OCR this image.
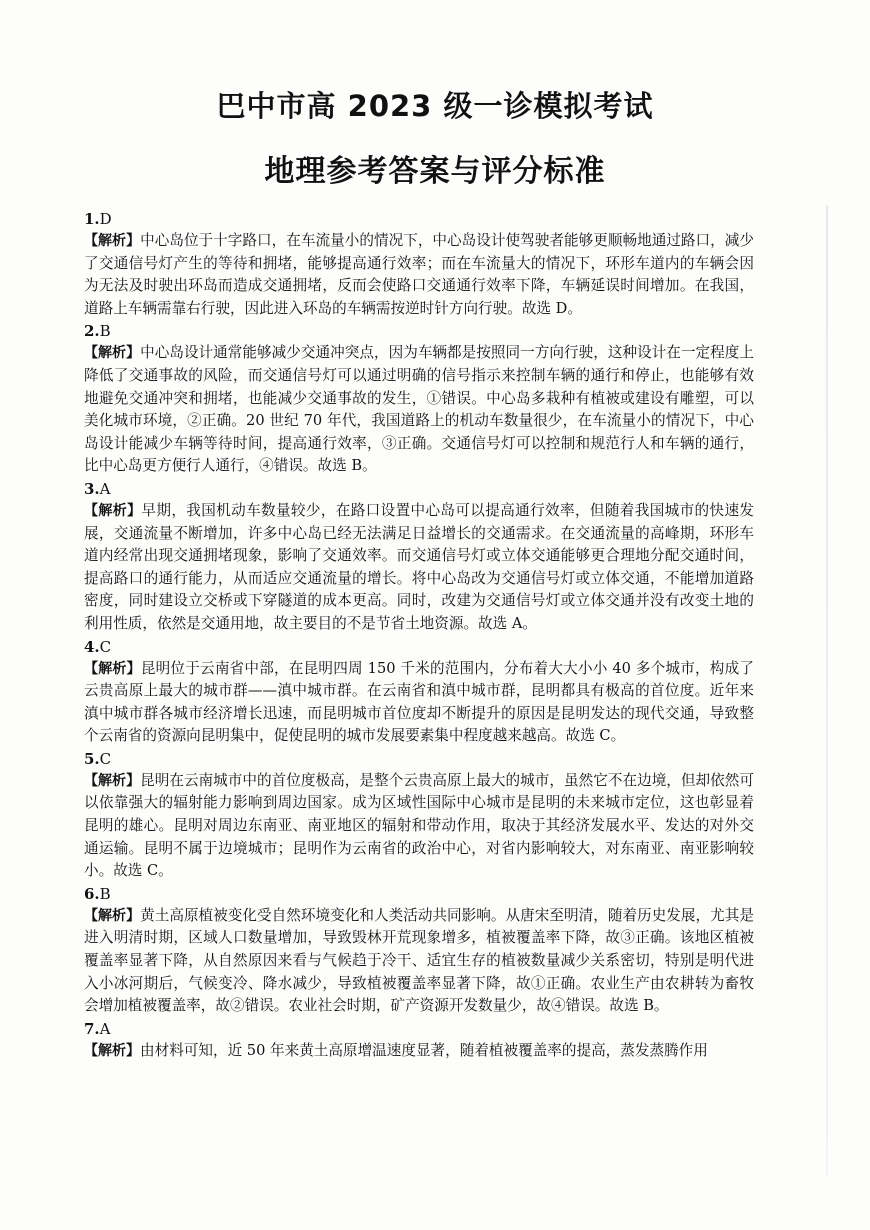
巴中市高 2023 级一诊模拟考试
地理参考答案与评分标准
1.D

【解析】中心岛位于十字路口，在车流量小的情况下，中心岛设计使驾驶者能够更顺畅地通过路口，减少了交通信号灯产生的等待和拥堵，能够提高通行效率；而在车流量大的情况下，环形车道内的车辆会因为无法及时驶出环岛而造成交通拥堵，反而会使路口交通通行效率下降，车辆延误时间增加。在我国，道路上车辆需靠右行驶，因此进入环岛的车辆需按逆时针方向行驶。故选 D。

2.B

【解析】中心岛设计通常能够减少交通冲突点，因为车辆都是按照同一方向行驶，这种设计在一定程度上降低了交通事故的风险，而交通信号灯可以通过明确的信号指示来控制车辆的通行和停止，也能够有效地避免交通冲突和拥堵，也能减少交通事故的发生，①错误。中心岛多栽种有植被或建设有雕塑，可以美化城市环境，②正确。20 世纪 70 年代，我国道路上的机动车数量很少，在车流量小的情况下，中心岛设计能减少车辆等待时间，提高通行效率，③正确。交通信号灯可以控制和规范行人和车辆的通行，比中心岛更方便行人通行，④错误。故选 B。

3.A

【解析】早期，我国机动车数量较少，在路口设置中心岛可以提高通行效率，但随着我国城市的快速发展，交通流量不断增加，许多中心岛已经无法满足日益增长的交通需求。在交通流量的高峰期，环形车道内经常出现交通拥堵现象，影响了交通效率。而交通信号灯或立体交通能够更合理地分配交通时间，提高路口的通行能力，从而适应交通流量的增长。将中心岛改为交通信号灯或立体交通，不能增加道路密度，同时建设立交桥或下穿隧道的成本更高。同时，改建为交通信号灯或立体交通并没有改变土地的利用性质，依然是交通用地，故主要目的不是节省土地资源。故选 A。

4.C

【解析】昆明位于云南省中部，在昆明四周 150 千米的范围内，分布着大大小小 40 多个城市，构成了云贵高原上最大的城市群——滇中城市群。在云南省和滇中城市群，昆明都具有极高的首位度。近年来滇中城市群各城市经济增长迅速，而昆明城市首位度却不断提升的原因是昆明发达的现代交通，导致整个云南省的资源向昆明集中，促使昆明的城市发展要素集中程度越来越高。故选 C。

5.C

【解析】昆明在云南城市中的首位度极高，是整个云贵高原上最大的城市，虽然它不在边境，但却依然可以依靠强大的辐射能力影响到周边国家。成为区域性国际中心城市是昆明的未来城市定位，这也彰显着昆明的雄心。昆明对周边东南亚、南亚地区的辐射和带动作用，取决于其经济发展水平、发达的对外交通运输。昆明不属于边境城市；昆明作为云南省的政治中心，对省内影响较大，对东南亚、南亚影响较小。故选 C。

6.B

【解析】黄土高原植被变化受自然环境变化和人类活动共同影响。从唐宋至明清，随着历史发展，尤其是进入明清时期，区域人口数量增加，导致毁林开荒现象增多，植被覆盖率下降，故③正确。该地区植被覆盖率显著下降，从自然原因来看与气候趋于冷干、适宜生存的植被数量减少关系密切，特别是明代进入小冰河期后，气候变冷、降水减少，导致植被覆盖率显著下降，故①正确。农业生产由农耕转为畜牧会增加植被覆盖率，故②错误。农业社会时期，矿产资源开发数量少，故④错误。故选 B。

7.A

【解析】由材料可知，近 50 年来黄土高原增温速度显著，随着植被覆盖率的提高，蒸发蒸腾作用
